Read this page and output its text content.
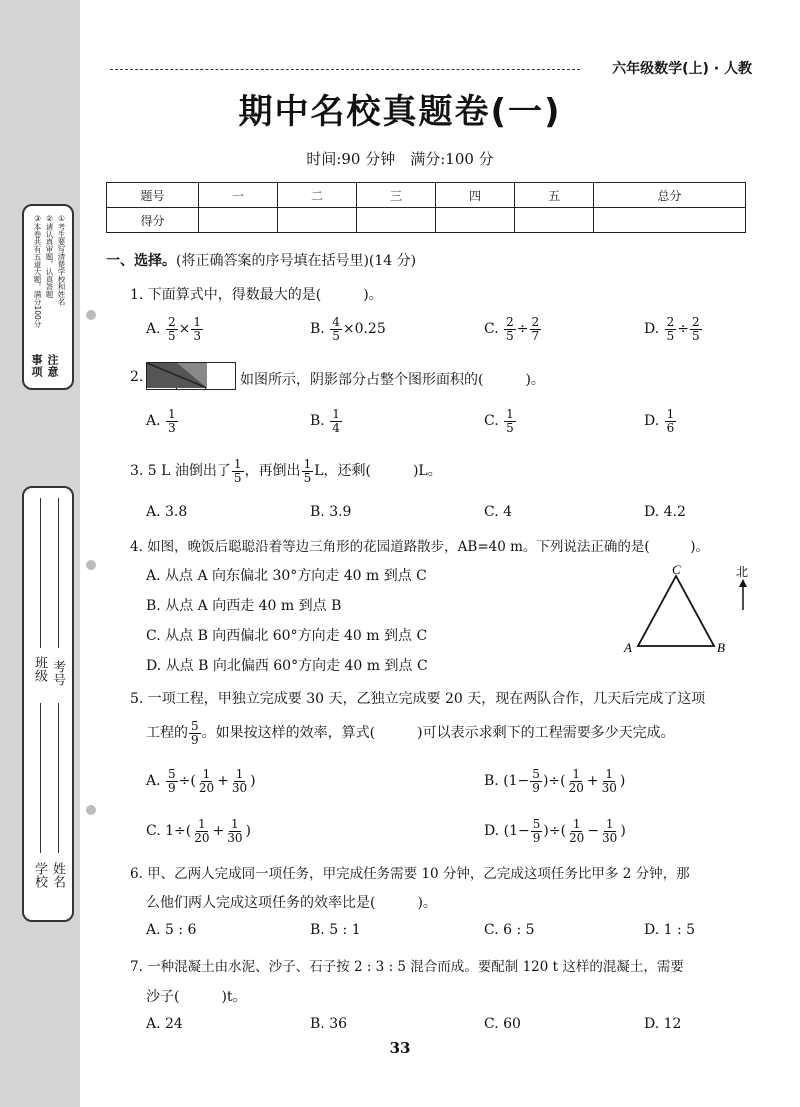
①考生要写清楚学校和姓名
②请认真审题，认真答题
③本卷共有五道大题，满分100分
注意事项
班级 考号
学校 姓名
六年级数学(上) · 人教
期中名校真题卷(一)
时间:90 分钟　满分:100 分
题号	一	二	三	四	五	总分
得分						
一、选择。(将正确答案的序号填在括号里)(14 分)
1. 下面算式中，得数最大的是(　　　)。
A. $\frac{2}{5} \times \frac{1}{3}$	B. $\frac{4}{5} \times 0.25$	C. $\frac{2}{5} \div \frac{2}{7}$	D. $\frac{2}{5} \div \frac{2}{5}$
2.	如图所示，阴影部分占整个图形面积的(　　　)。
A. $\frac{1}{3}$	B. $\frac{1}{4}$	C. $\frac{1}{5}$	D. $\frac{1}{6}$
3. 5 L 油倒出了 $\frac{1}{5}$ ，再倒出 $\frac{1}{5}$ L，还剩(　　　)L。
A. 3.8	B. 3.9	C. 4	D. 4.2
4. 如图，晚饭后聪聪沿着等边三角形的花园道路散步，AB=40 m。下列说法正确的是(　　　)。
A. 从点 A 向东偏北 30°方向走 40 m 到点 C
B. 从点 A 向西走 40 m 到点 B
C. 从点 B 向西偏北 60°方向走 40 m 到点 C
D. 从点 B 向北偏西 60°方向走 40 m 到点 C
C
A	B
北
5. 一项工程，甲独立完成要 30 天，乙独立完成要 20 天，现在两队合作，几天后完成了这项
工程的 $\frac{5}{9}$ 。如果按这样的效率，算式(　　　)可以表示求剩下的工程需要多少天完成。
A. $\frac{5}{9}$ ÷( $\frac{1}{20} + \frac{1}{30}$ )	B. ($1- \frac{5}{9}$ )÷( $\frac{1}{20} + \frac{1}{30}$ )
C. $1\div( \frac{1}{20} + \frac{1}{30}$ )	D. ($1- \frac{5}{9}$ )÷( $\frac{1}{20} - \frac{1}{30}$ )
6. 甲、乙两人完成同一项任务，甲完成任务需要 10 分钟，乙完成这项任务比甲多 2 分钟，那
么他们两人完成这项任务的效率比是(　　　)。
A. 5 : 6	B. 5 : 1	C. 6 : 5	D. 1 : 5
7. 一种混凝土由水泥、沙子、石子按 2 : 3 : 5 混合而成。要配制 120 t 这样的混凝土，需要
沙子(　　　)t。
A. 24	B. 36	C. 60	D. 12
33
